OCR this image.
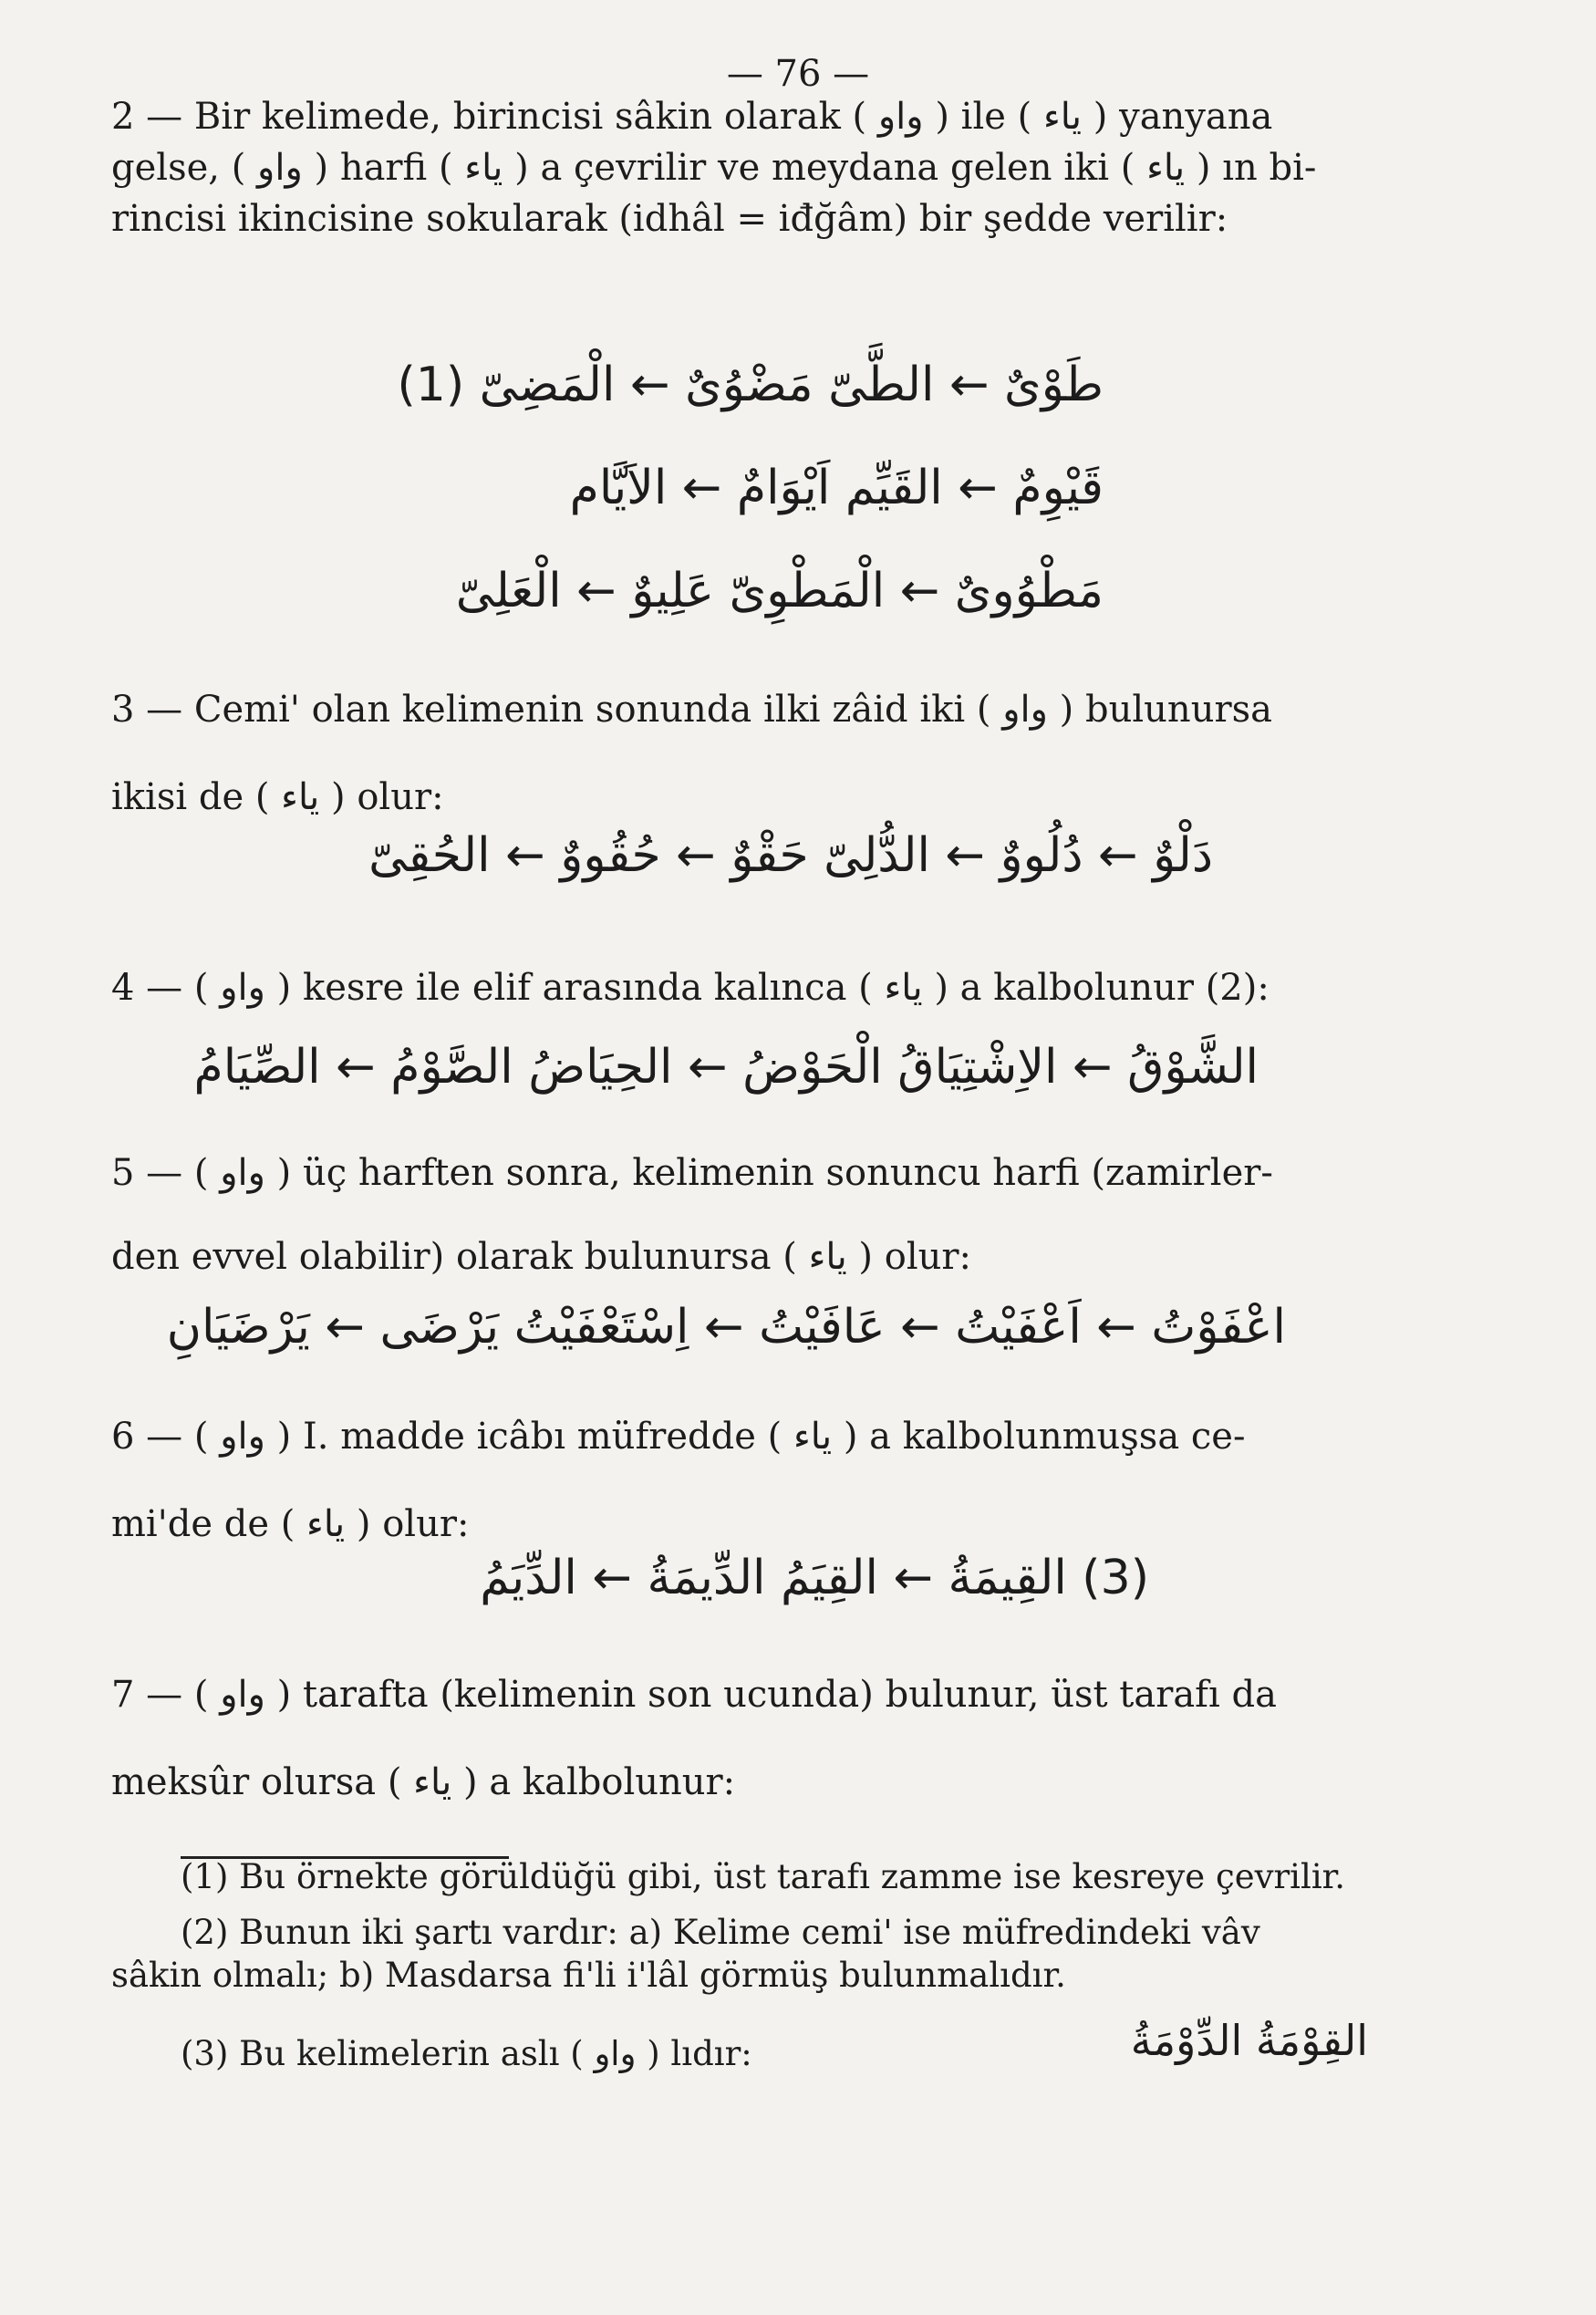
— 76 —
2 — Bir kelimede, birincisi sâkin olarak ( واو ) ile ( ياء ) yanyana
gelse, ( واو ) harfi ( ياء ) a çevrilir ve meydana gelen iki ( ياء ) ın bi-
rincisi ikincisine sokularak (idhâl = iđğâm) bir şedde verilir:
طَوْىٌ ← الطَّىّ مَضْوُىٌ ← الْمَضِىّ (1)
قَيْوِمٌ ← القَيِّم اَيْوَامٌ ← الاَيَّام
مَطْوُوىٌ ← الْمَطْوِىّ عَلِيوٌ ← الْعَلِىّ
3 — Cemi' olan kelimenin sonunda ilki zâid iki ( واو ) bulunursa
ikisi de ( ياء ) olur:
دَلْوٌ ← دُلُووٌ ← الدُّلِىّ حَقْوٌ ← حُقُووٌ ← الحُقِىّ
4 — ( واو ) kesre ile elif arasında kalınca ( ياء ) a kalbolunur (2):
الشَّوْقُ ← الاِشْتِيَاقُ الْحَوْضُ ← الحِيَاضُ الصَّوْمُ ← الصِّيَامُ
5 — ( واو ) üç harften sonra, kelimenin sonuncu harfi (zamirler-
den evvel olabilir) olarak bulunursa ( ياء ) olur:
اعْفَوْتُ ← اَعْفَيْتُ ← عَافَيْتُ ← اِسْتَعْفَيْتُ يَرْضَى ← يَرْضَيَانِ
6 — ( واو ) I. madde icâbı müfredde ( ياء ) a kalbolunmuşsa ce-
mi'de de ( ياء ) olur:
(3) القِيمَةُ ← القِيَمُ الدِّيمَةُ ← الدِّيَمُ
7 — ( واو ) tarafta (kelimenin son ucunda) bulunur, üst tarafı da
meksûr olursa ( ياء ) a kalbolunur:
(1) Bu örnekte görüldüğü gibi, üst tarafı zamme ise kesreye çevrilir.
(2) Bunun iki şartı vardır: a) Kelime cemi' ise müfredindeki vâv
sâkin olmalı; b) Masdarsa fi'li i'lâl görmüş bulunmalıdır.
(3) Bu kelimelerin aslı ( واو ) lıdır:	القِوْمَةُ الدِّوْمَةُ
